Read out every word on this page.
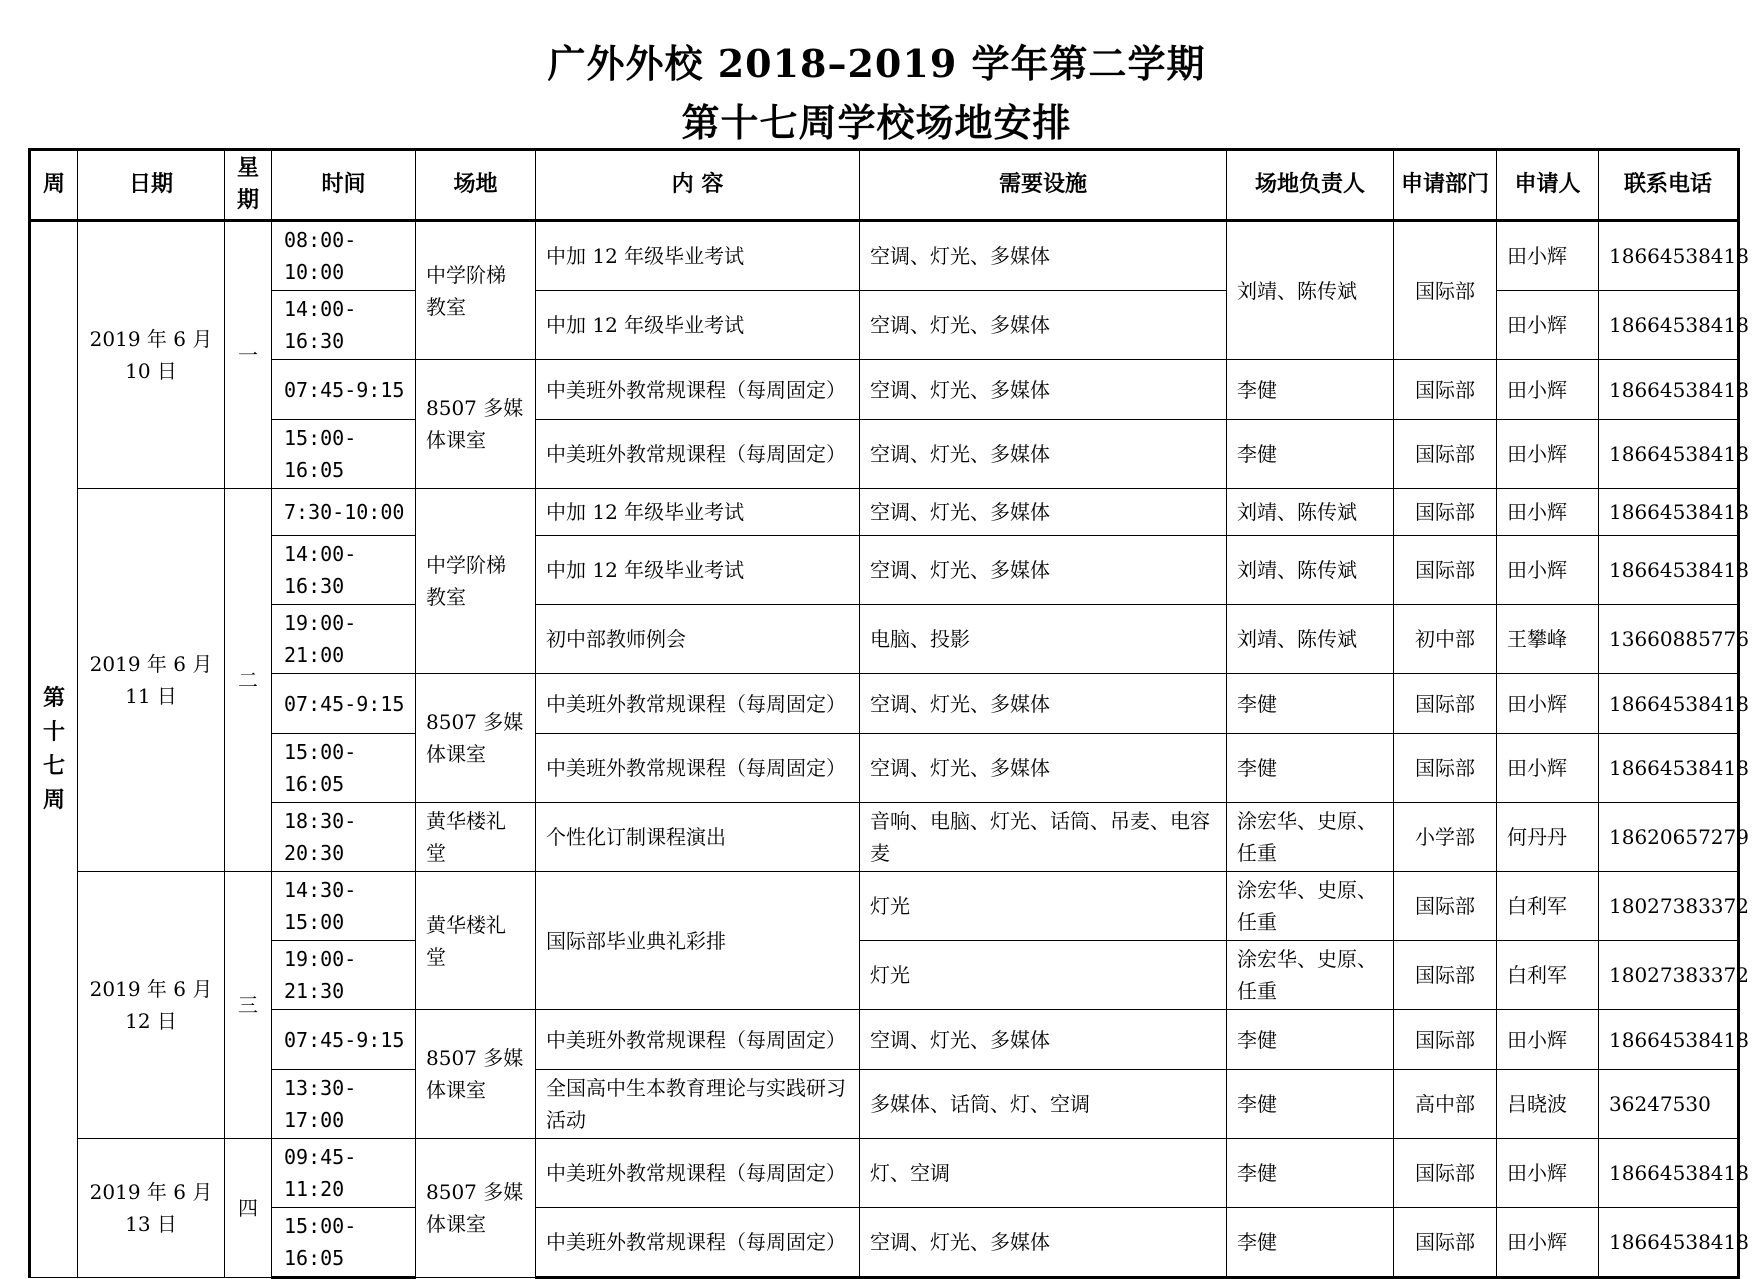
广外外校 2018–2019 学年第二学期
第十七周学校场地安排
周	日期	星期	时间	场地	内 容	需要设施	场地负责人	申请部门	申请人	联系电话
第
十
七
周	2019 年 6 月 10 日	一	08:00-10:00	中学阶梯教室	中加 12 年级毕业考试	空调、灯光、多媒体	刘靖、陈传斌	国际部	田小辉	18664538418
			14:00-16:30		中加 12 年级毕业考试	空调、灯光、多媒体			田小辉	18664538418
			07:45-9:15	8507 多媒体课室	中美班外教常规课程（每周固定）	空调、灯光、多媒体	李健	国际部	田小辉	18664538418
			15:00-16:05		中美班外教常规课程（每周固定）	空调、灯光、多媒体	李健	国际部	田小辉	18664538418
	2019 年 6 月 11 日	二	7:30-10:00	中学阶梯教室	中加 12 年级毕业考试	空调、灯光、多媒体	刘靖、陈传斌	国际部	田小辉	18664538418
			14:00-16:30		中加 12 年级毕业考试	空调、灯光、多媒体	刘靖、陈传斌	国际部	田小辉	18664538418
			19:00-21:00		初中部教师例会	电脑、投影	刘靖、陈传斌	初中部	王攀峰	13660885776
			07:45-9:15	8507 多媒体课室	中美班外教常规课程（每周固定）	空调、灯光、多媒体	李健	国际部	田小辉	18664538418
			15:00-16:05		中美班外教常规课程（每周固定）	空调、灯光、多媒体	李健	国际部	田小辉	18664538418
			18:30-20:30	黄华楼礼堂	个性化订制课程演出	音响、电脑、灯光、话筒、吊麦、电容麦	涂宏华、史原、任重	小学部	何丹丹	18620657279
	2019 年 6 月 12 日	三	14:30-15:00	黄华楼礼堂	国际部毕业典礼彩排	灯光	涂宏华、史原、任重	国际部	白利军	18027383372
			19:00-21:30			灯光	涂宏华、史原、任重	国际部	白利军	18027383372
			07:45-9:15	8507 多媒体课室	中美班外教常规课程（每周固定）	空调、灯光、多媒体	李健	国际部	田小辉	18664538418
			13:30-17:00		全国高中生本教育理论与实践研习活动	多媒体、话筒、灯、空调	李健	高中部	吕晓波	36247530
	2019 年 6 月 13 日	四	09:45-11:20	8507 多媒体课室	中美班外教常规课程（每周固定）	灯、空调	李健	国际部	田小辉	18664538418
			15:00-16:05		中美班外教常规课程（每周固定）	空调、灯光、多媒体	李健	国际部	田小辉	18664538418
